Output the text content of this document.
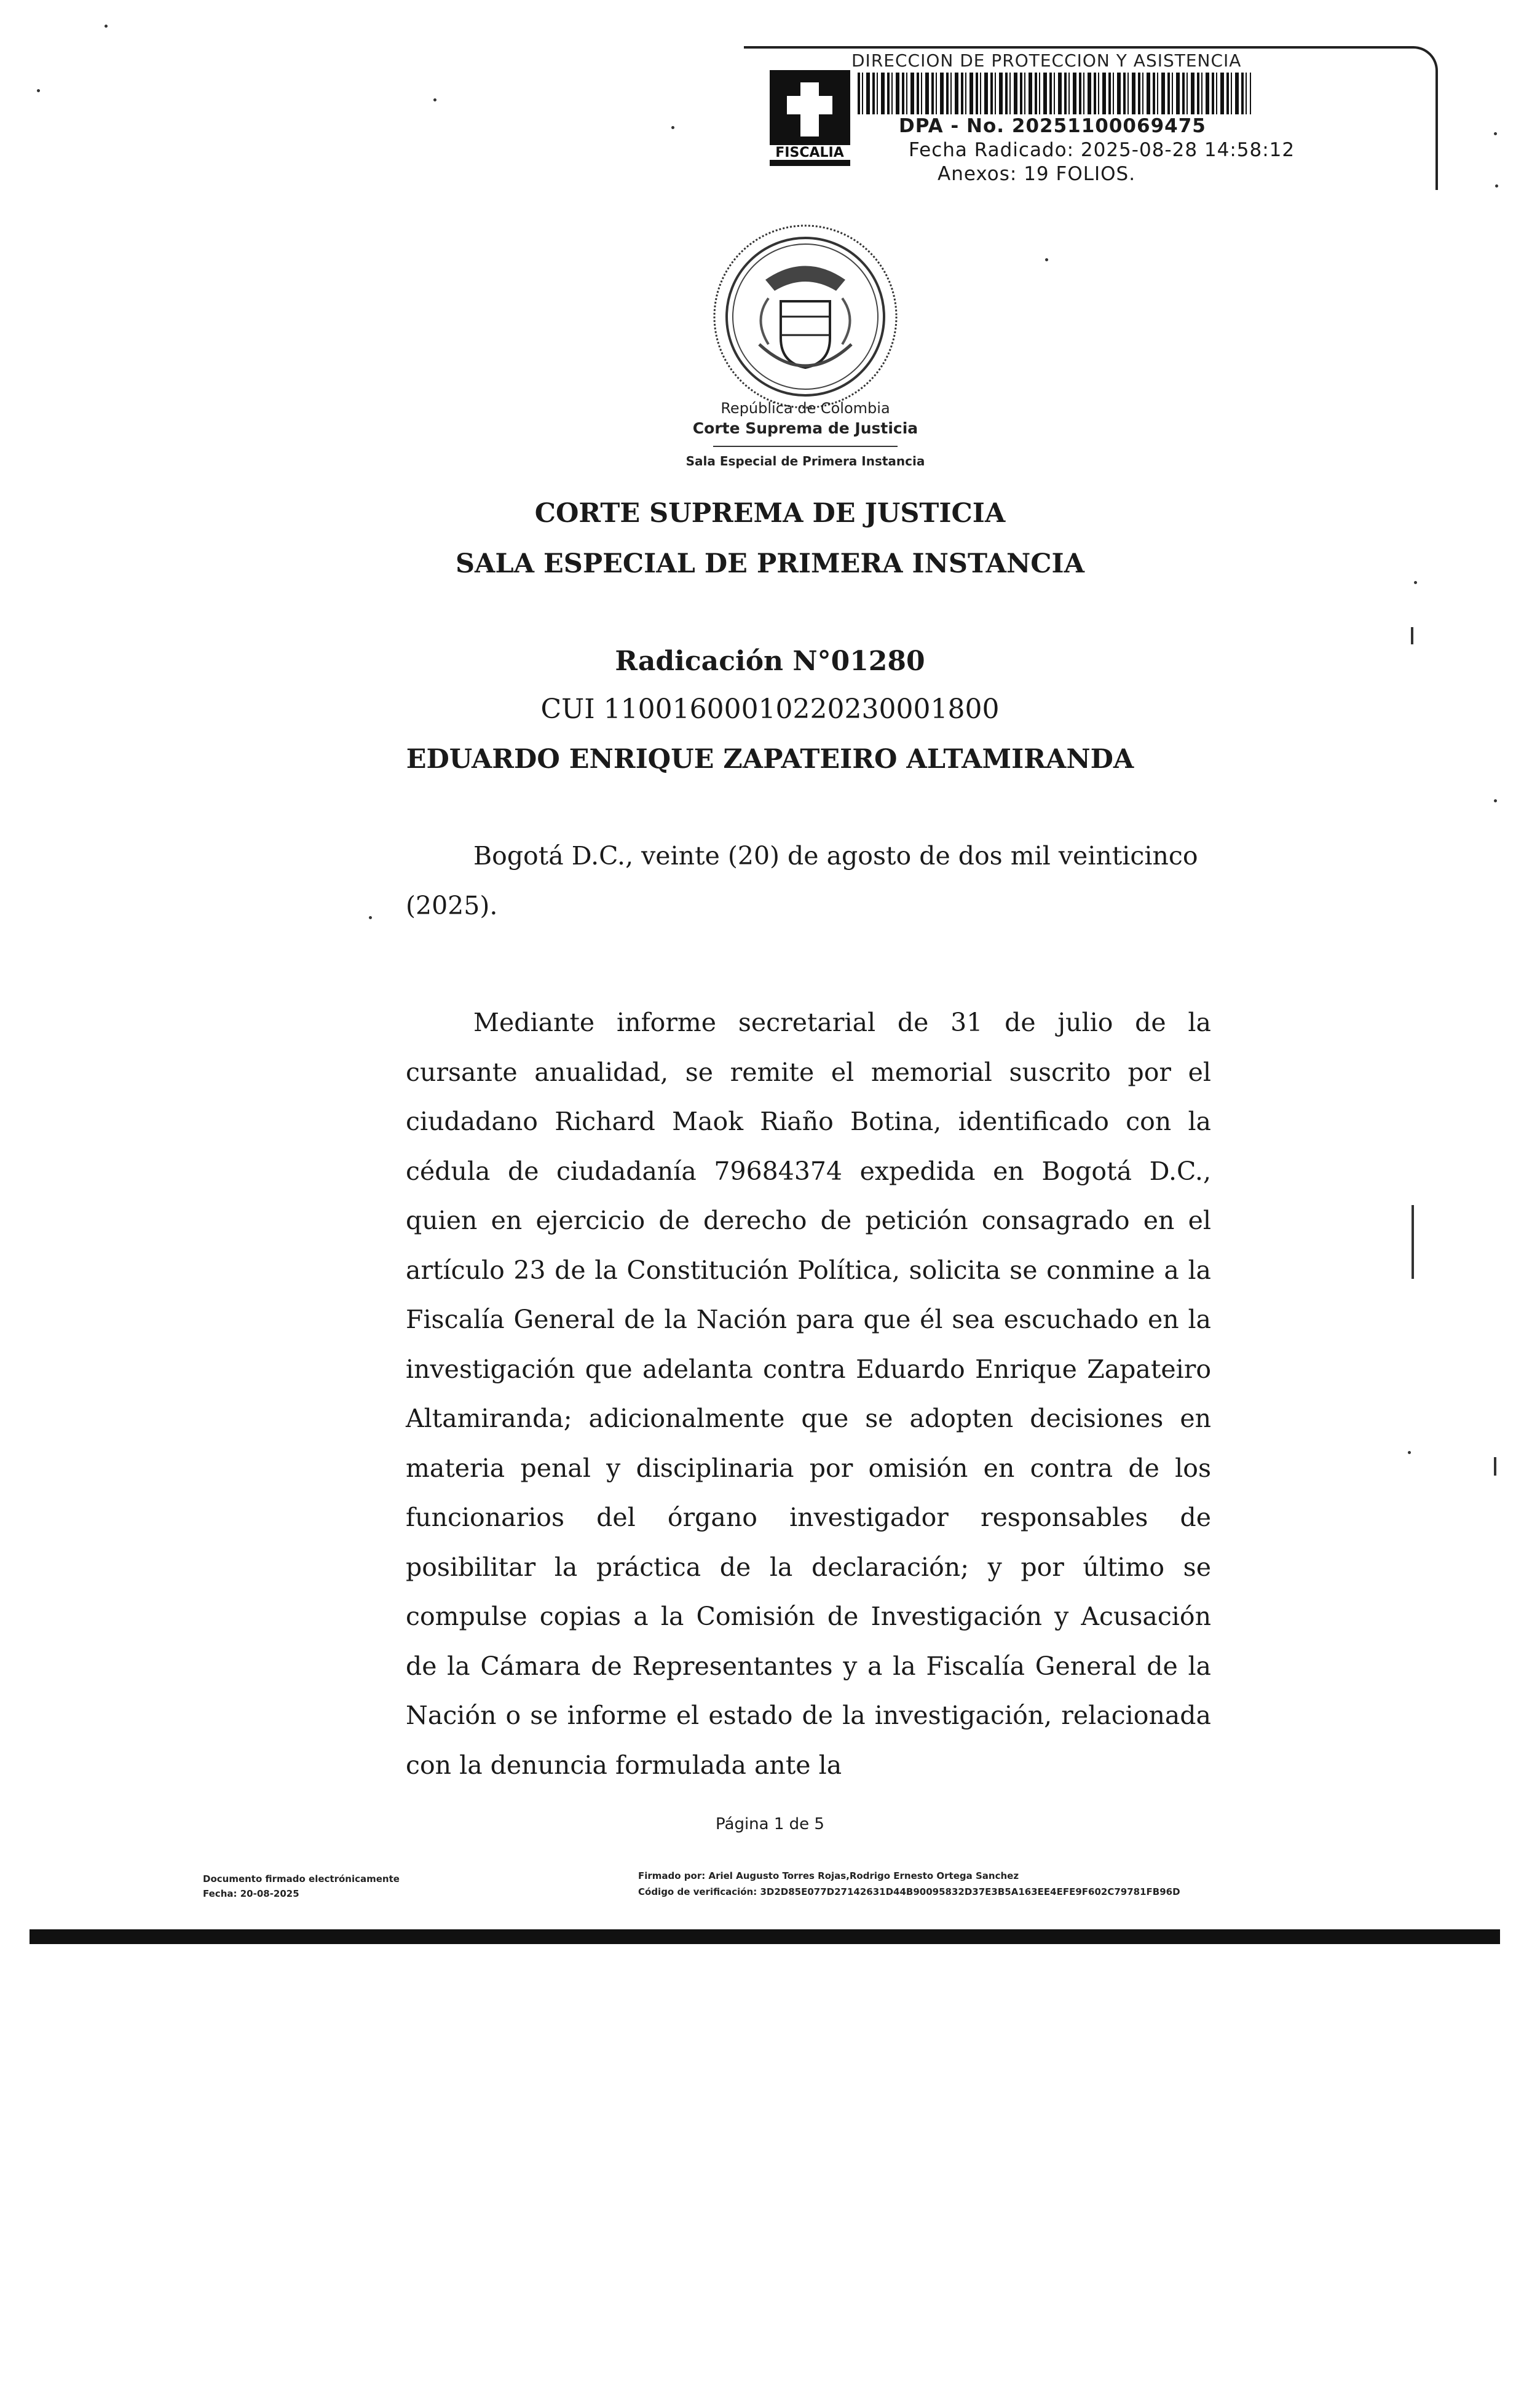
DIRECCION DE PROTECCION Y ASISTENCIA
FISCALIA
DPA - No. 20251100069475
Fecha Radicado: 2025-08-28 14:58:12
Anexos: 19 FOLIOS.
República de Colombia
Corte Suprema de Justicia
Sala Especial de Primera Instancia
CORTE SUPREMA DE JUSTICIA
SALA ESPECIAL DE PRIMERA INSTANCIA
Radicación N°01280
CUI 11001600010220230001800
EDUARDO ENRIQUE ZAPATEIRO ALTAMIRANDA

Bogotá D.C., veinte (20) de agosto de dos mil veinticinco (2025).

Mediante informe secretarial de 31 de julio de la cursante anualidad, se remite el memorial suscrito por el ciudadano Richard Maok Riaño Botina, identificado con la cédula de ciudadanía 79684374 expedida en Bogotá D.C., quien en ejercicio de derecho de petición consagrado en el artículo 23 de la Constitución Política, solicita se conmine a la Fiscalía General de la Nación para que él sea escuchado en la investigación que adelanta contra Eduardo Enrique Zapateiro Altamiranda; adicionalmente que se adopten decisiones en materia penal y disciplinaria por omisión en contra de los funcionarios del órgano investigador responsables de posibilitar la práctica de la declaración; y por último se compulse copias a la Comisión de Investigación y Acusación de la Cámara de Representantes y a la Fiscalía General de la Nación o se informe el estado de la investigación, relacionada con la denuncia formulada ante la

Página 1 de 5
Documento firmado electrónicamente
Fecha: 20-08-2025
Firmado por: Ariel Augusto Torres Rojas,Rodrigo Ernesto Ortega Sanchez
Código de verificación: 3D2D85E077D27142631D44B90095832D37E3B5A163EE4EFE9F602C79781FB96D
